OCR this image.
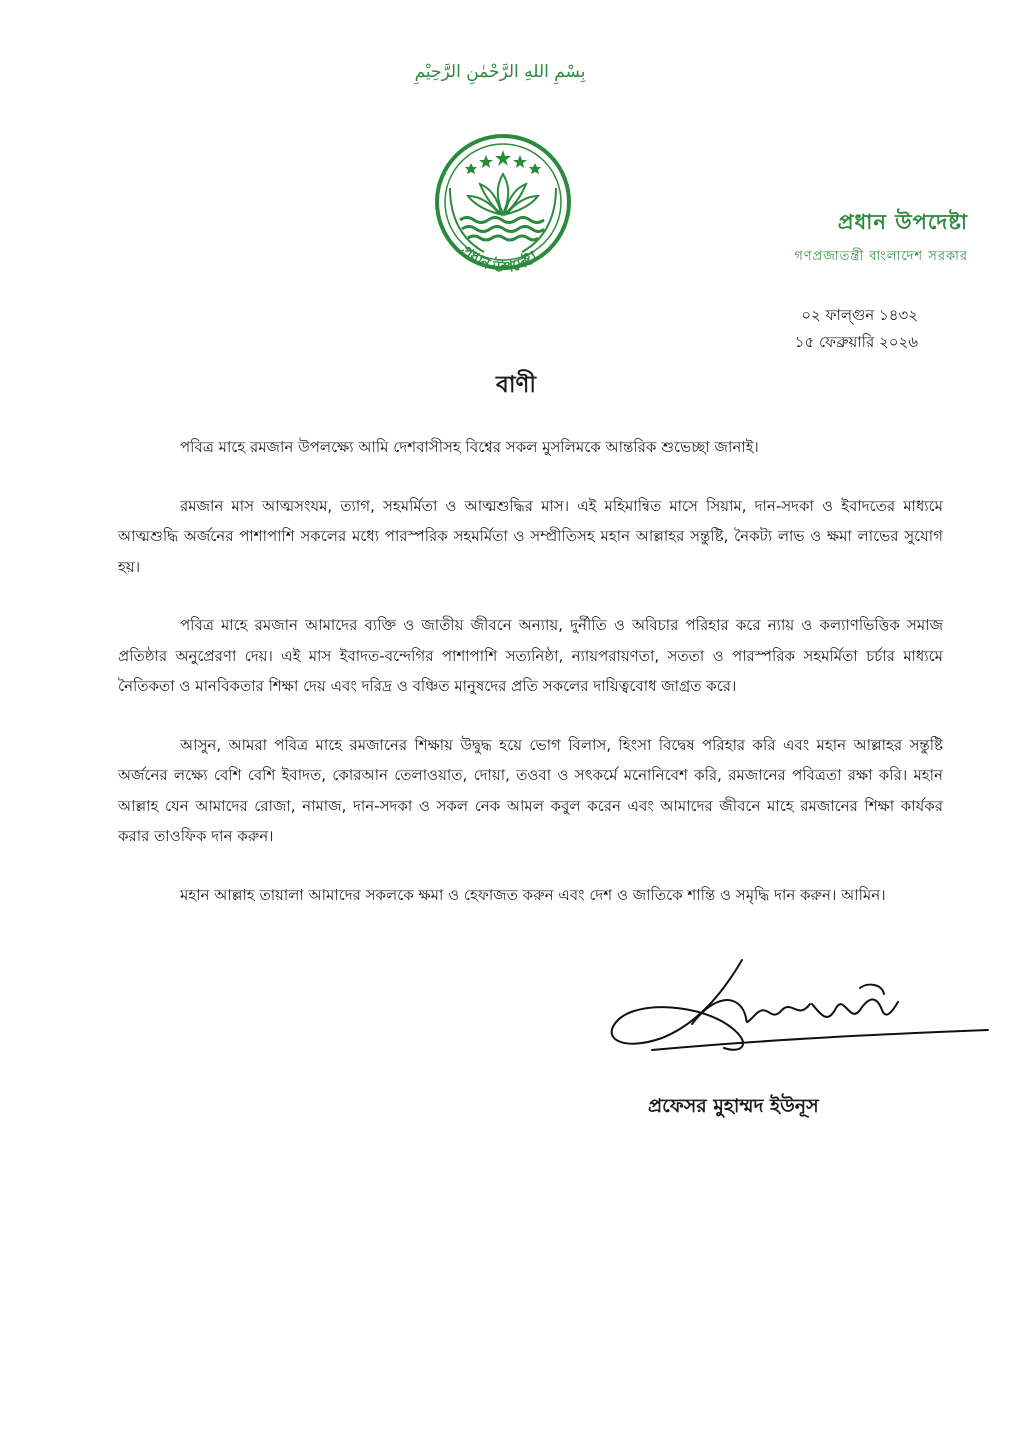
بِسْمِ اللهِ الرَّحْمٰنِ الرَّحِيْمِ
প্রধান উপদেষ্টা
প্রধান উপদেষ্টা
গণপ্রজাতন্ত্রী বাংলাদেশ সরকার
০২ ফাল্গুন ১৪৩২
১৫ ফেব্রুয়ারি ২০২৬
বাণী

পবিত্র মাহে রমজান উপলক্ষ্যে আমি দেশবাসীসহ বিশ্বের সকল মুসলিমকে আন্তরিক শুভেচ্ছা জানাই।

রমজান মাস আত্মসংযম, ত্যাগ, সহমর্মিতা ও আত্মশুদ্ধির মাস। এই মহিমান্বিত মাসে সিয়াম, দান-সদকা ও ইবাদতের মাধ্যমে আত্মশুদ্ধি অর্জনের পাশাপাশি সকলের মধ্যে পারস্পরিক সহমর্মিতা ও সম্প্রীতিসহ মহান আল্লাহর সন্তুষ্টি, নৈকট্য লাভ ও ক্ষমা লাভের সুযোগ হয়।

পবিত্র মাহে রমজান আমাদের ব্যক্তি ও জাতীয় জীবনে অন্যায়, দুর্নীতি ও অবিচার পরিহার করে ন্যায় ও কল্যাণভিত্তিক সমাজ প্রতিষ্ঠার অনুপ্রেরণা দেয়। এই মাস ইবাদত-বন্দেগির পাশাপাশি সত্যনিষ্ঠা, ন্যায়পরায়ণতা, সততা ও পারস্পরিক সহমর্মিতা চর্চার মাধ্যমে নৈতিকতা ও মানবিকতার শিক্ষা দেয় এবং দরিদ্র ও বঞ্চিত মানুষদের প্রতি সকলের দায়িত্ববোধ জাগ্রত করে।

আসুন, আমরা পবিত্র মাহে রমজানের শিক্ষায় উদ্বুদ্ধ হয়ে ভোগ বিলাস, হিংসা বিদ্বেষ পরিহার করি এবং মহান আল্লাহর সন্তুষ্টি অর্জনের লক্ষ্যে বেশি বেশি ইবাদত, কোরআন তেলাওয়াত, দোয়া, তওবা ও সৎকর্মে মনোনিবেশ করি, রমজানের পবিত্রতা রক্ষা করি। মহান আল্লাহ যেন আমাদের রোজা, নামাজ, দান-সদকা ও সকল নেক আমল কবুল করেন এবং আমাদের জীবনে মাহে রমজানের শিক্ষা কার্যকর করার তাওফিক দান করুন।

মহান আল্লাহ তায়ালা আমাদের সকলকে ক্ষমা ও হেফাজত করুন এবং দেশ ও জাতিকে শান্তি ও সমৃদ্ধি দান করুন। আমিন।

প্রফেসর মুহাম্মদ ইউনূস
